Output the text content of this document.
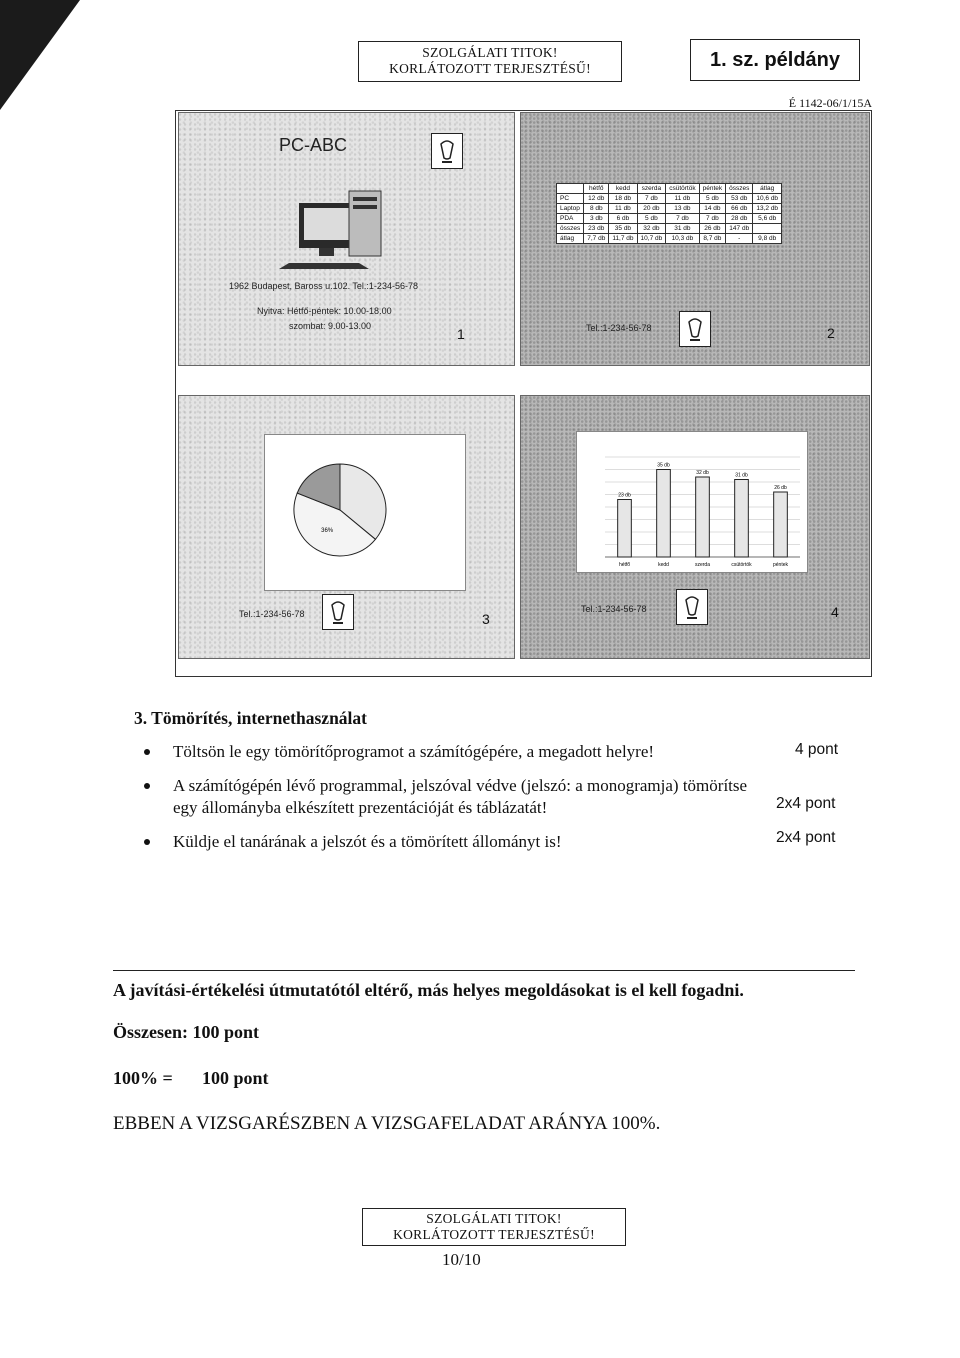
SZOLGÁLATI TITOK!
KORLÁTOZOTT TERJESZTÉSŰ!	1. sz. példány
É 1142-06/1/15A
PC-ABC
1962 Budapest, Baross u.102. Tel.:1-234-56-78
Nyitva: Hétfő-péntek: 10.00-18.00
szombat: 9.00-13.00	1
	hétfő	kedd	szerda	csütörtök	péntek	összes	átlag
PC	12 db	18 db	7 db	11 db	5 db	53 db	10,6 db
Laptop	8 db	11 db	20 db	13 db	14 db	66 db	13,2 db
PDA	3 db	6 db	5 db	7 db	7 db	28 db	5,6 db
összes	23 db	35 db	32 db	31 db	26 db	147 db	
átlag	7,7 db	11,7 db	10,7 db	10,3 db	8,7 db	-	9,8 db
Tel.:1-234-56-78	2
36%
Tel.:1-234-56-78	3
23 db
hétfő
35 db
kedd
32 db
szerda
31 db
csütörtök
26 db
péntek
Tel.:1-234-56-78	4
3. Tömörítés, internethasználat
Töltsön le egy tömörítőprogramot a számítógépére, a megadott helyre!	4 pont
A számítógépén lévő programmal, jelszóval védve (jelszó: a monogramja) tömörítse
egy állományba elkészített prezentációját és táblázatát!	2x4 pont
Küldje el tanárának a jelszót és a tömörített állományt is!	2x4 pont
A javítási-értékelési útmutatótól eltérő, más helyes megoldásokat is el kell fogadni.
Összesen: 100 pont
100% = 100 pont
EBBEN A VIZSGARÉSZBEN A VIZSGAFELADAT ARÁNYA 100%.
SZOLGÁLATI TITOK!
KORLÁTOZOTT TERJESZTÉSŰ!
10/10
